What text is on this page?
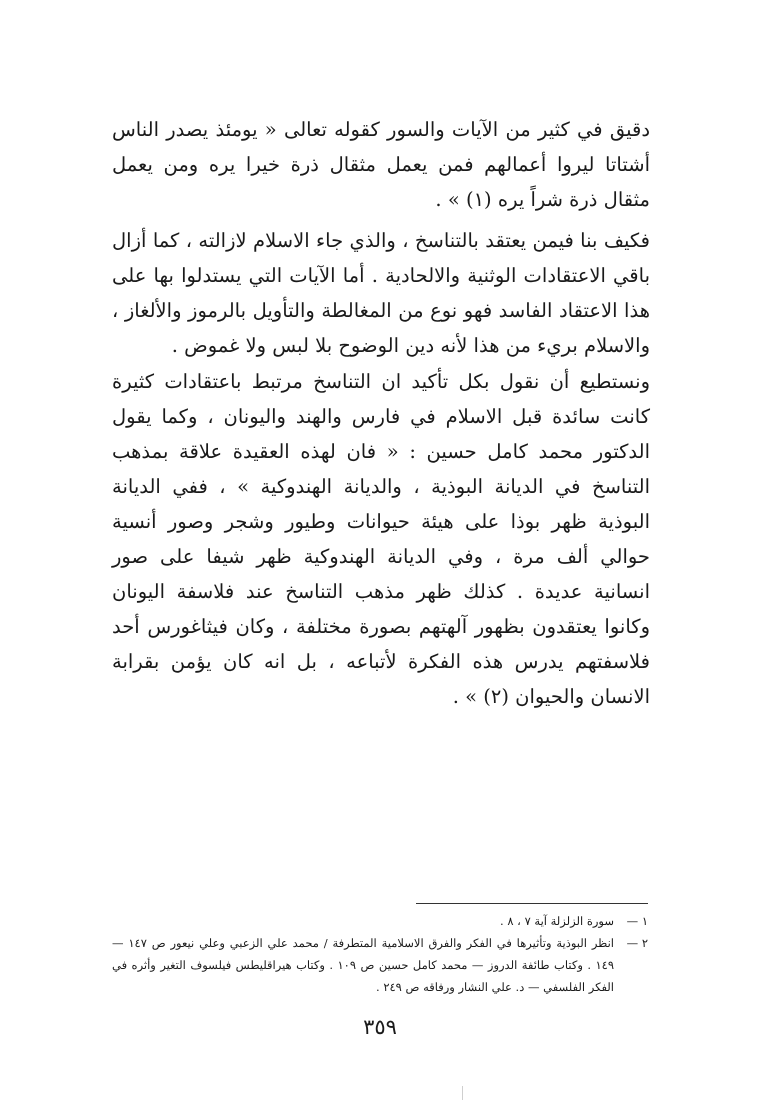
دقيق في كثير من الآيات والسور كقوله تعالى « يومئذ يصدر الناس أشتاتا ليروا أعمالهم فمن يعمل مثقال ذرة خيرا يره ومن يعمل مثقال ذرة شراً يره (١) » .

فكيف بنا فيمن يعتقد بالتناسخ ، والذي جاء الاسلام لازالته ، كما أزال باقي الاعتقادات الوثنية والالحادية . أما الآيات التي يستدلوا بها على هذا الاعتقاد الفاسد فهو نوع من المغالطة والتأويل بالرموز والألغاز ، والاسلام بريء من هذا لأنه دين الوضوح بلا لبس ولا غموض .

ونستطيع أن نقول بكل تأكيد ان التناسخ مرتبط باعتقادات كثيرة كانت سائدة قبل الاسلام في فارس والهند واليونان ، وكما يقول الدكتور محمد كامل حسين : « فان لهذه العقيدة علاقة بمذهب التناسخ في الديانة البوذية ، والديانة الهندوكية » ، ففي الديانة البوذية ظهر بوذا على هيئة حيوانات وطيور وشجر وصور أنسية حوالي ألف مرة ، وفي الديانة الهندوكية ظهر شيفا على صور انسانية عديدة . كذلك ظهر مذهب التناسخ عند فلاسفة اليونان وكانوا يعتقدون بظهور آلهتهم بصورة مختلفة ، وكان فيثاغورس أحد فلاسفتهم يدرس هذه الفكرة لأتباعه ، بل انه كان يؤمن بقرابة الانسان والحيوان (٢) » .

١ —
سورة الزلزلة آية ٧ ، ٨ .
٢ —
انظر البوذية وتأثيرها في الفكر والفرق الاسلامية المتطرفة / محمد علي الزعبي وعلي نيعور ص ١٤٧ — ١٤٩ . وكتاب طائفة الدروز — محمد كامل حسين ص ١٠٩ . وكتاب هيراقليطس فيلسوف التغير وأثره في الفكر الفلسفي — د. علي النشار ورفاقه ص ٢٤٩ .
٣٥٩
